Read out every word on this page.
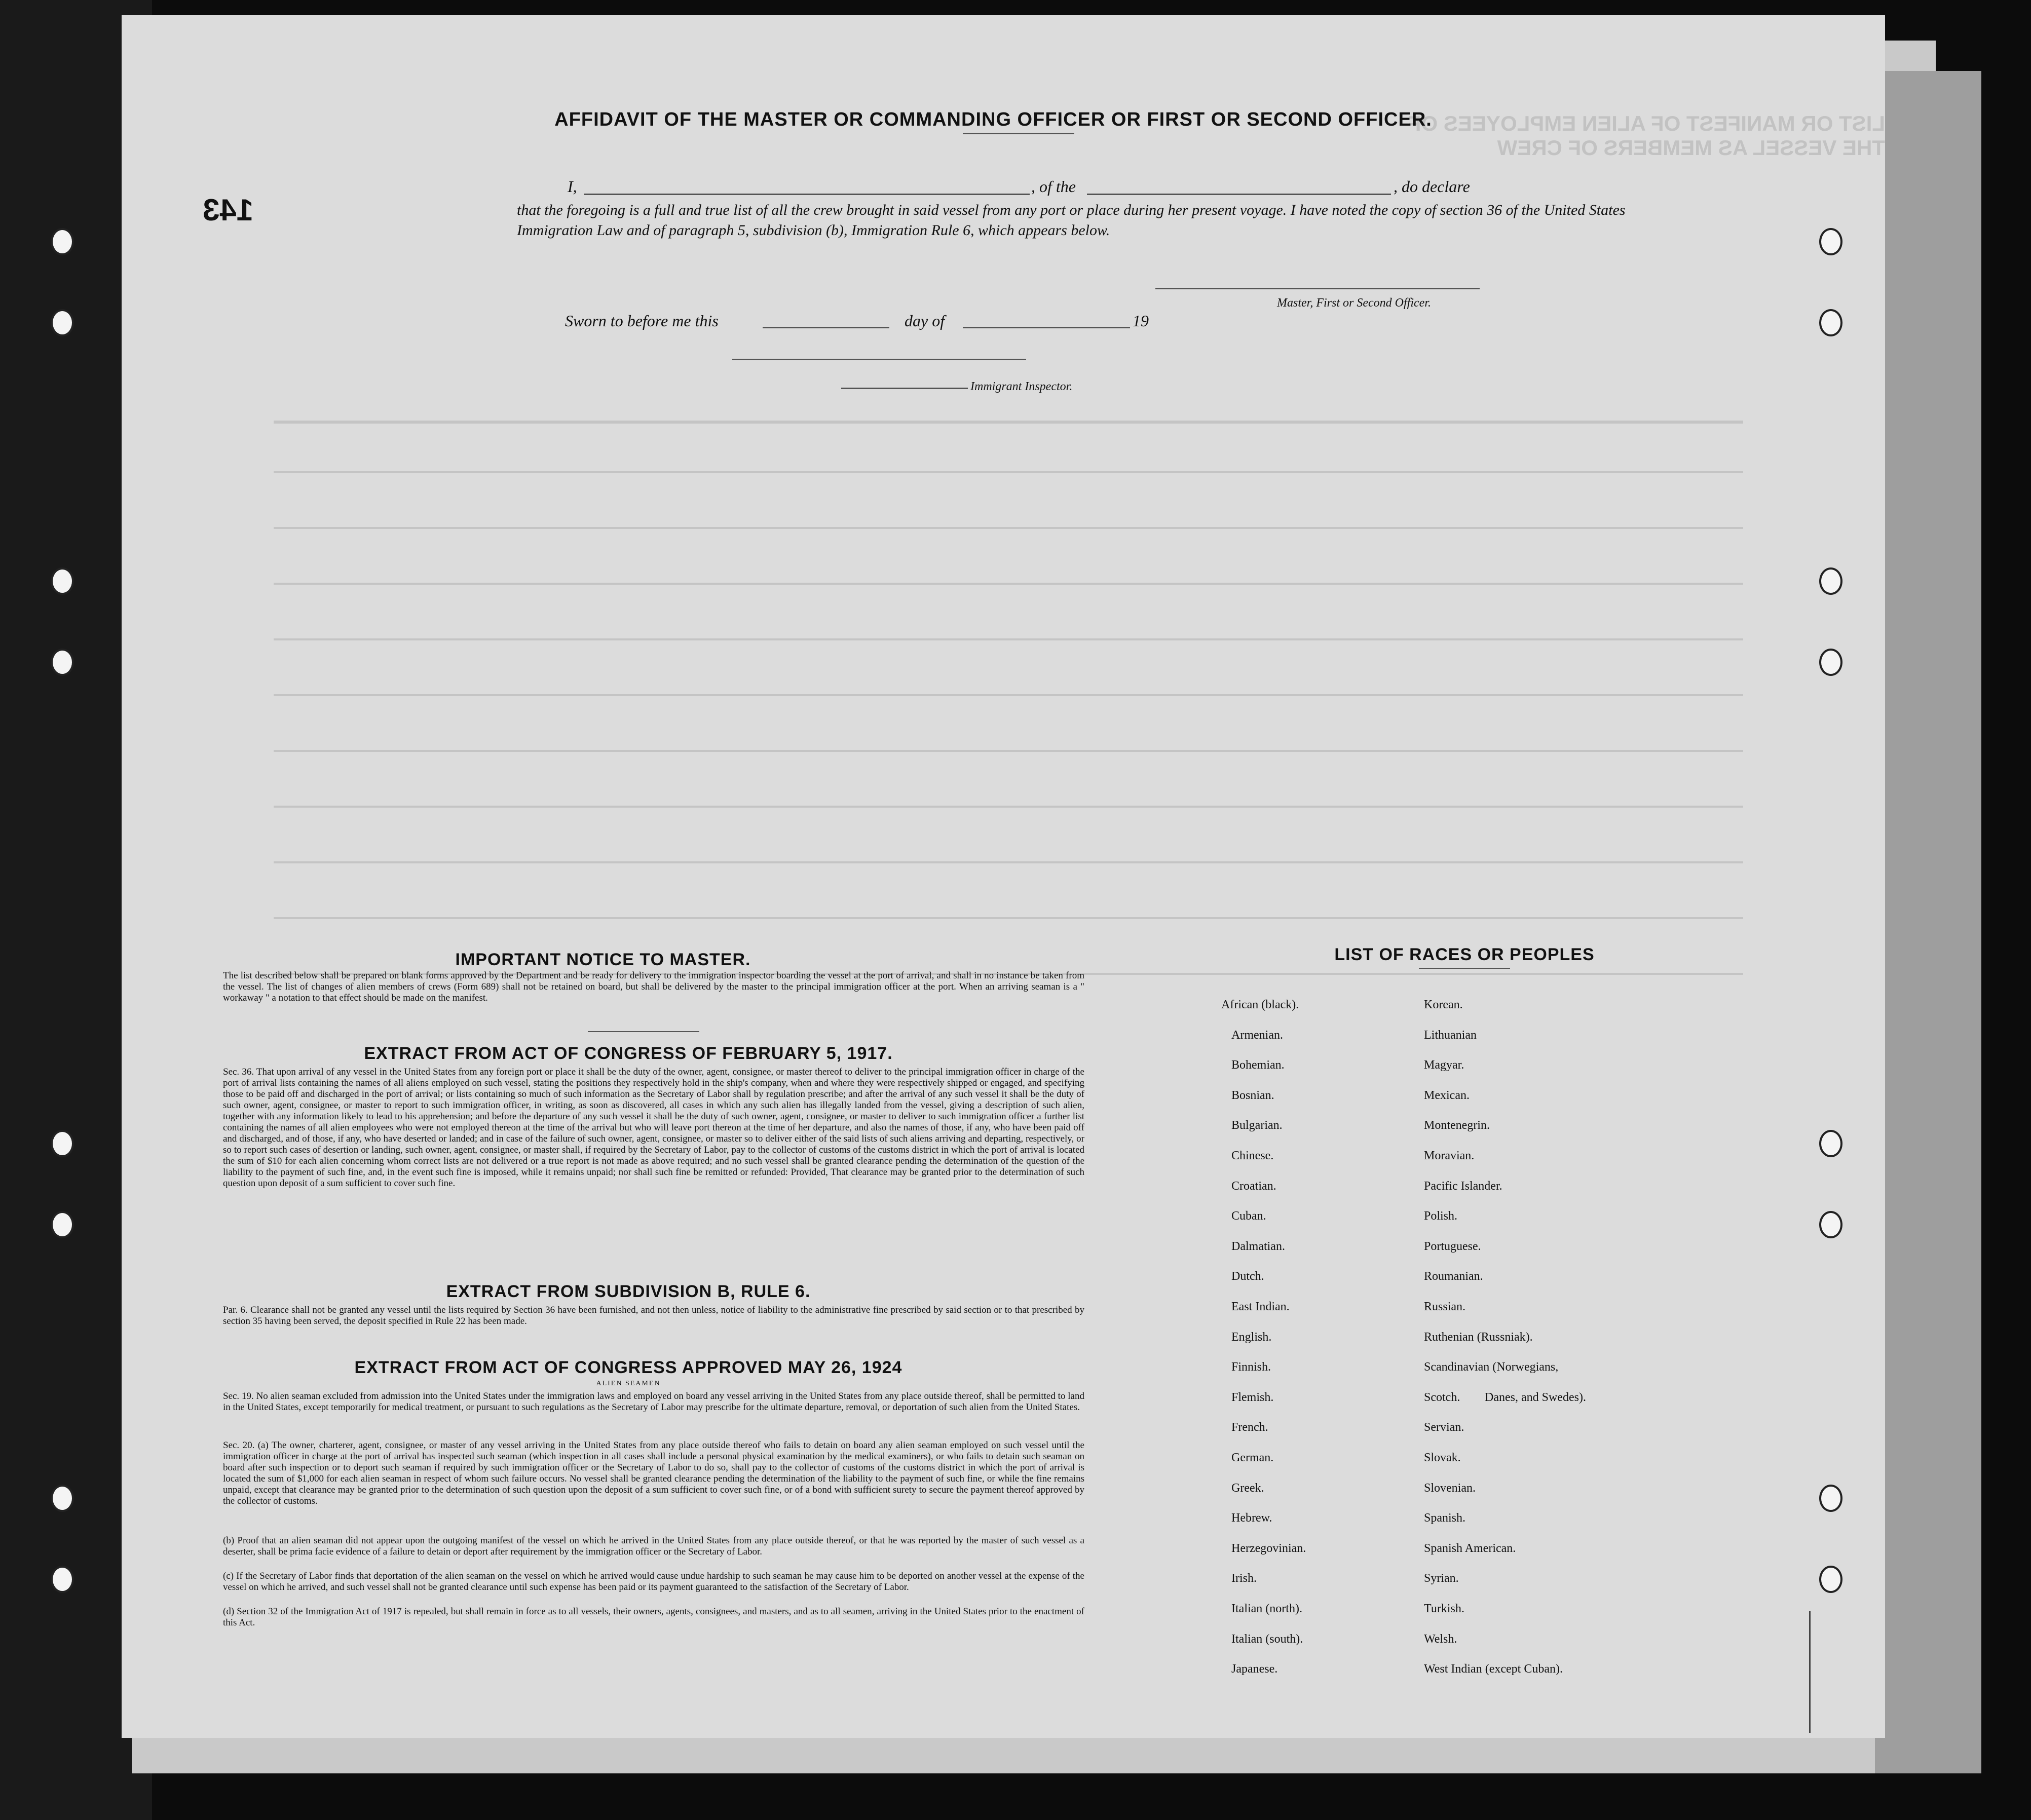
LIST OR MANIFEST OF ALIEN EMPLOYEES OF THE VESSEL AS MEMBERS OF CREW
143
AFFIDAVIT OF THE MASTER OR COMMANDING OFFICER OR FIRST OR SECOND OFFICER.
I,	, of the	, do declare
that the foregoing is a full and true list of all the crew brought in said vessel from any port or place during her present voyage. I have noted the copy of section 36 of the United States Immigration Law and of paragraph 5, subdivision (b), Immigration Rule 6, which appears below.
Master, First or Second Officer.
Sworn to before me this	day of	19
Immigrant Inspector.
IMPORTANT NOTICE TO MASTER.
The list described below shall be prepared on blank forms approved by the Department and be ready for delivery to the immigration inspector boarding the vessel at the port of arrival, and shall in no instance be taken from the vessel. The list of changes of alien members of crews (Form 689) shall not be retained on board, but shall be delivered by the master to the principal immigration officer at the port. When an arriving seaman is a " workaway " a notation to that effect should be made on the manifest.
EXTRACT FROM ACT OF CONGRESS OF FEBRUARY 5, 1917.
Sec. 36. That upon arrival of any vessel in the United States from any foreign port or place it shall be the duty of the owner, agent, consignee, or master thereof to deliver to the principal immigration officer in charge of the port of arrival lists containing the names of all aliens employed on such vessel, stating the positions they respectively hold in the ship's company, when and where they were respectively shipped or engaged, and specifying those to be paid off and discharged in the port of arrival; or lists containing so much of such information as the Secretary of Labor shall by regulation prescribe; and after the arrival of any such vessel it shall be the duty of such owner, agent, consignee, or master to report to such immigration officer, in writing, as soon as discovered, all cases in which any such alien has illegally landed from the vessel, giving a description of such alien, together with any information likely to lead to his apprehension; and before the departure of any such vessel it shall be the duty of such owner, agent, consignee, or master to deliver to such immigration officer a further list containing the names of all alien employees who were not employed thereon at the time of the arrival but who will leave port thereon at the time of her departure, and also the names of those, if any, who have been paid off and discharged, and of those, if any, who have deserted or landed; and in case of the failure of such owner, agent, consignee, or master so to deliver either of the said lists of such aliens arriving and departing, respectively, or so to report such cases of desertion or landing, such owner, agent, consignee, or master shall, if required by the Secretary of Labor, pay to the collector of customs of the customs district in which the port of arrival is located the sum of $10 for each alien concerning whom correct lists are not delivered or a true report is not made as above required; and no such vessel shall be granted clearance pending the determination of the question of the liability to the payment of such fine, and, in the event such fine is imposed, while it remains unpaid; nor shall such fine be remitted or refunded: Provided, That clearance may be granted prior to the determination of such question upon deposit of a sum sufficient to cover such fine.
EXTRACT FROM SUBDIVISION B, RULE 6.
Par. 6. Clearance shall not be granted any vessel until the lists required by Section 36 have been furnished, and not then unless, notice of liability to the administrative fine prescribed by said section or to that prescribed by section 35 having been served, the deposit specified in Rule 22 has been made.
EXTRACT FROM ACT OF CONGRESS APPROVED MAY 26, 1924
ALIEN SEAMEN
Sec. 19. No alien seaman excluded from admission into the United States under the immigration laws and employed on board any vessel arriving in the United States from any place outside thereof, shall be permitted to land in the United States, except temporarily for medical treatment, or pursuant to such regulations as the Secretary of Labor may prescribe for the ultimate departure, removal, or deportation of such alien from the United States.
Sec. 20. (a) The owner, charterer, agent, consignee, or master of any vessel arriving in the United States from any place outside thereof who fails to detain on board any alien seaman employed on such vessel until the immigration officer in charge at the port of arrival has inspected such seaman (which inspection in all cases shall include a personal physical examination by the medical examiners), or who fails to detain such seaman on board after such inspection or to deport such seaman if required by such immigration officer or the Secretary of Labor to do so, shall pay to the collector of customs of the customs district in which the port of arrival is located the sum of $1,000 for each alien seaman in respect of whom such failure occurs. No vessel shall be granted clearance pending the determination of the liability to the payment of such fine, or while the fine remains unpaid, except that clearance may be granted prior to the determination of such question upon the deposit of a sum sufficient to cover such fine, or of a bond with sufficient surety to secure the payment thereof approved by the collector of customs.
(b) Proof that an alien seaman did not appear upon the outgoing manifest of the vessel on which he arrived in the United States from any place outside thereof, or that he was reported by the master of such vessel as a deserter, shall be prima facie evidence of a failure to detain or deport after requirement by the immigration officer or the Secretary of Labor.
(c) If the Secretary of Labor finds that deportation of the alien seaman on the vessel on which he arrived would cause undue hardship to such seaman he may cause him to be deported on another vessel at the expense of the vessel on which he arrived, and such vessel shall not be granted clearance until such expense has been paid or its payment guaranteed to the satisfaction of the Secretary of Labor.
(d) Section 32 of the Immigration Act of 1917 is repealed, but shall remain in force as to all vessels, their owners, agents, consignees, and masters, and as to all seamen, arriving in the United States prior to the enactment of this Act.
LIST OF RACES OR PEOPLES
Danes, and Swedes).
African (black).
Armenian.
Bohemian.
Bosnian.
Bulgarian.
Chinese.
Croatian.
Cuban.
Dalmatian.
Dutch.
East Indian.
English.
Finnish.
Flemish.
French.
German.
Greek.
Hebrew.
Herzegovinian.
Irish.
Italian (north).
Italian (south).
Japanese.
Korean.
Lithuanian
Magyar.
Mexican.
Montenegrin.
Moravian.
Pacific Islander.
Polish.
Portuguese.
Roumanian.
Russian.
Ruthenian (Russniak).
Scandinavian (Norwegians,
Scotch.
Servian.
Slovak.
Slovenian.
Spanish.
Spanish American.
Syrian.
Turkish.
Welsh.
West Indian (except Cuban).
